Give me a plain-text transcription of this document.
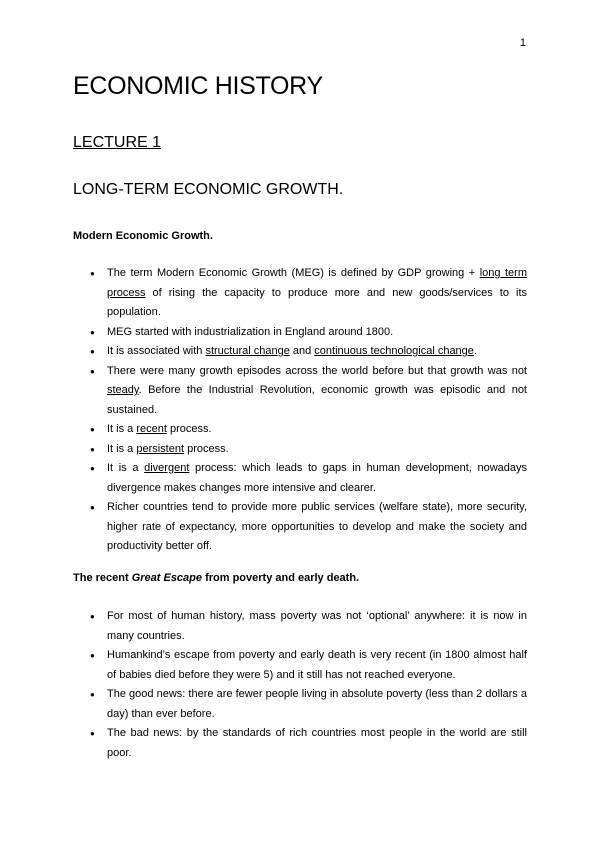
1
ECONOMIC HISTORY
LECTURE 1
LONG-TERM ECONOMIC GROWTH.

Modern Economic Growth.

● The term Modern Economic Growth (MEG) is defined by GDP growing + long term process of rising the capacity to produce more and new goods/services to its population.
● MEG started with industrialization in England around 1800.
● It is associated with structural change and continuous technological change.
● There were many growth episodes across the world before but that growth was not steady. Before the Industrial Revolution, economic growth was episodic and not sustained.
● It is a recent process.
● It is a persistent process.
● It is a divergent process: which leads to gaps in human development, nowadays divergence makes changes more intensive and clearer.
● Richer countries tend to provide more public services (welfare state), more security, higher rate of expectancy, more opportunities to develop and make the society and productivity better off.

The recent Great Escape from poverty and early death.

● For most of human history, mass poverty was not ‘optional’ anywhere: it is now in many countries.
● Humankind’s escape from poverty and early death is very recent (in 1800 almost half of babies died before they were 5) and it still has not reached everyone.
● The good news: there are fewer people living in absolute poverty (less than 2 dollars a day) than ever before.
● The bad news: by the standards of rich countries most people in the world are still poor.
